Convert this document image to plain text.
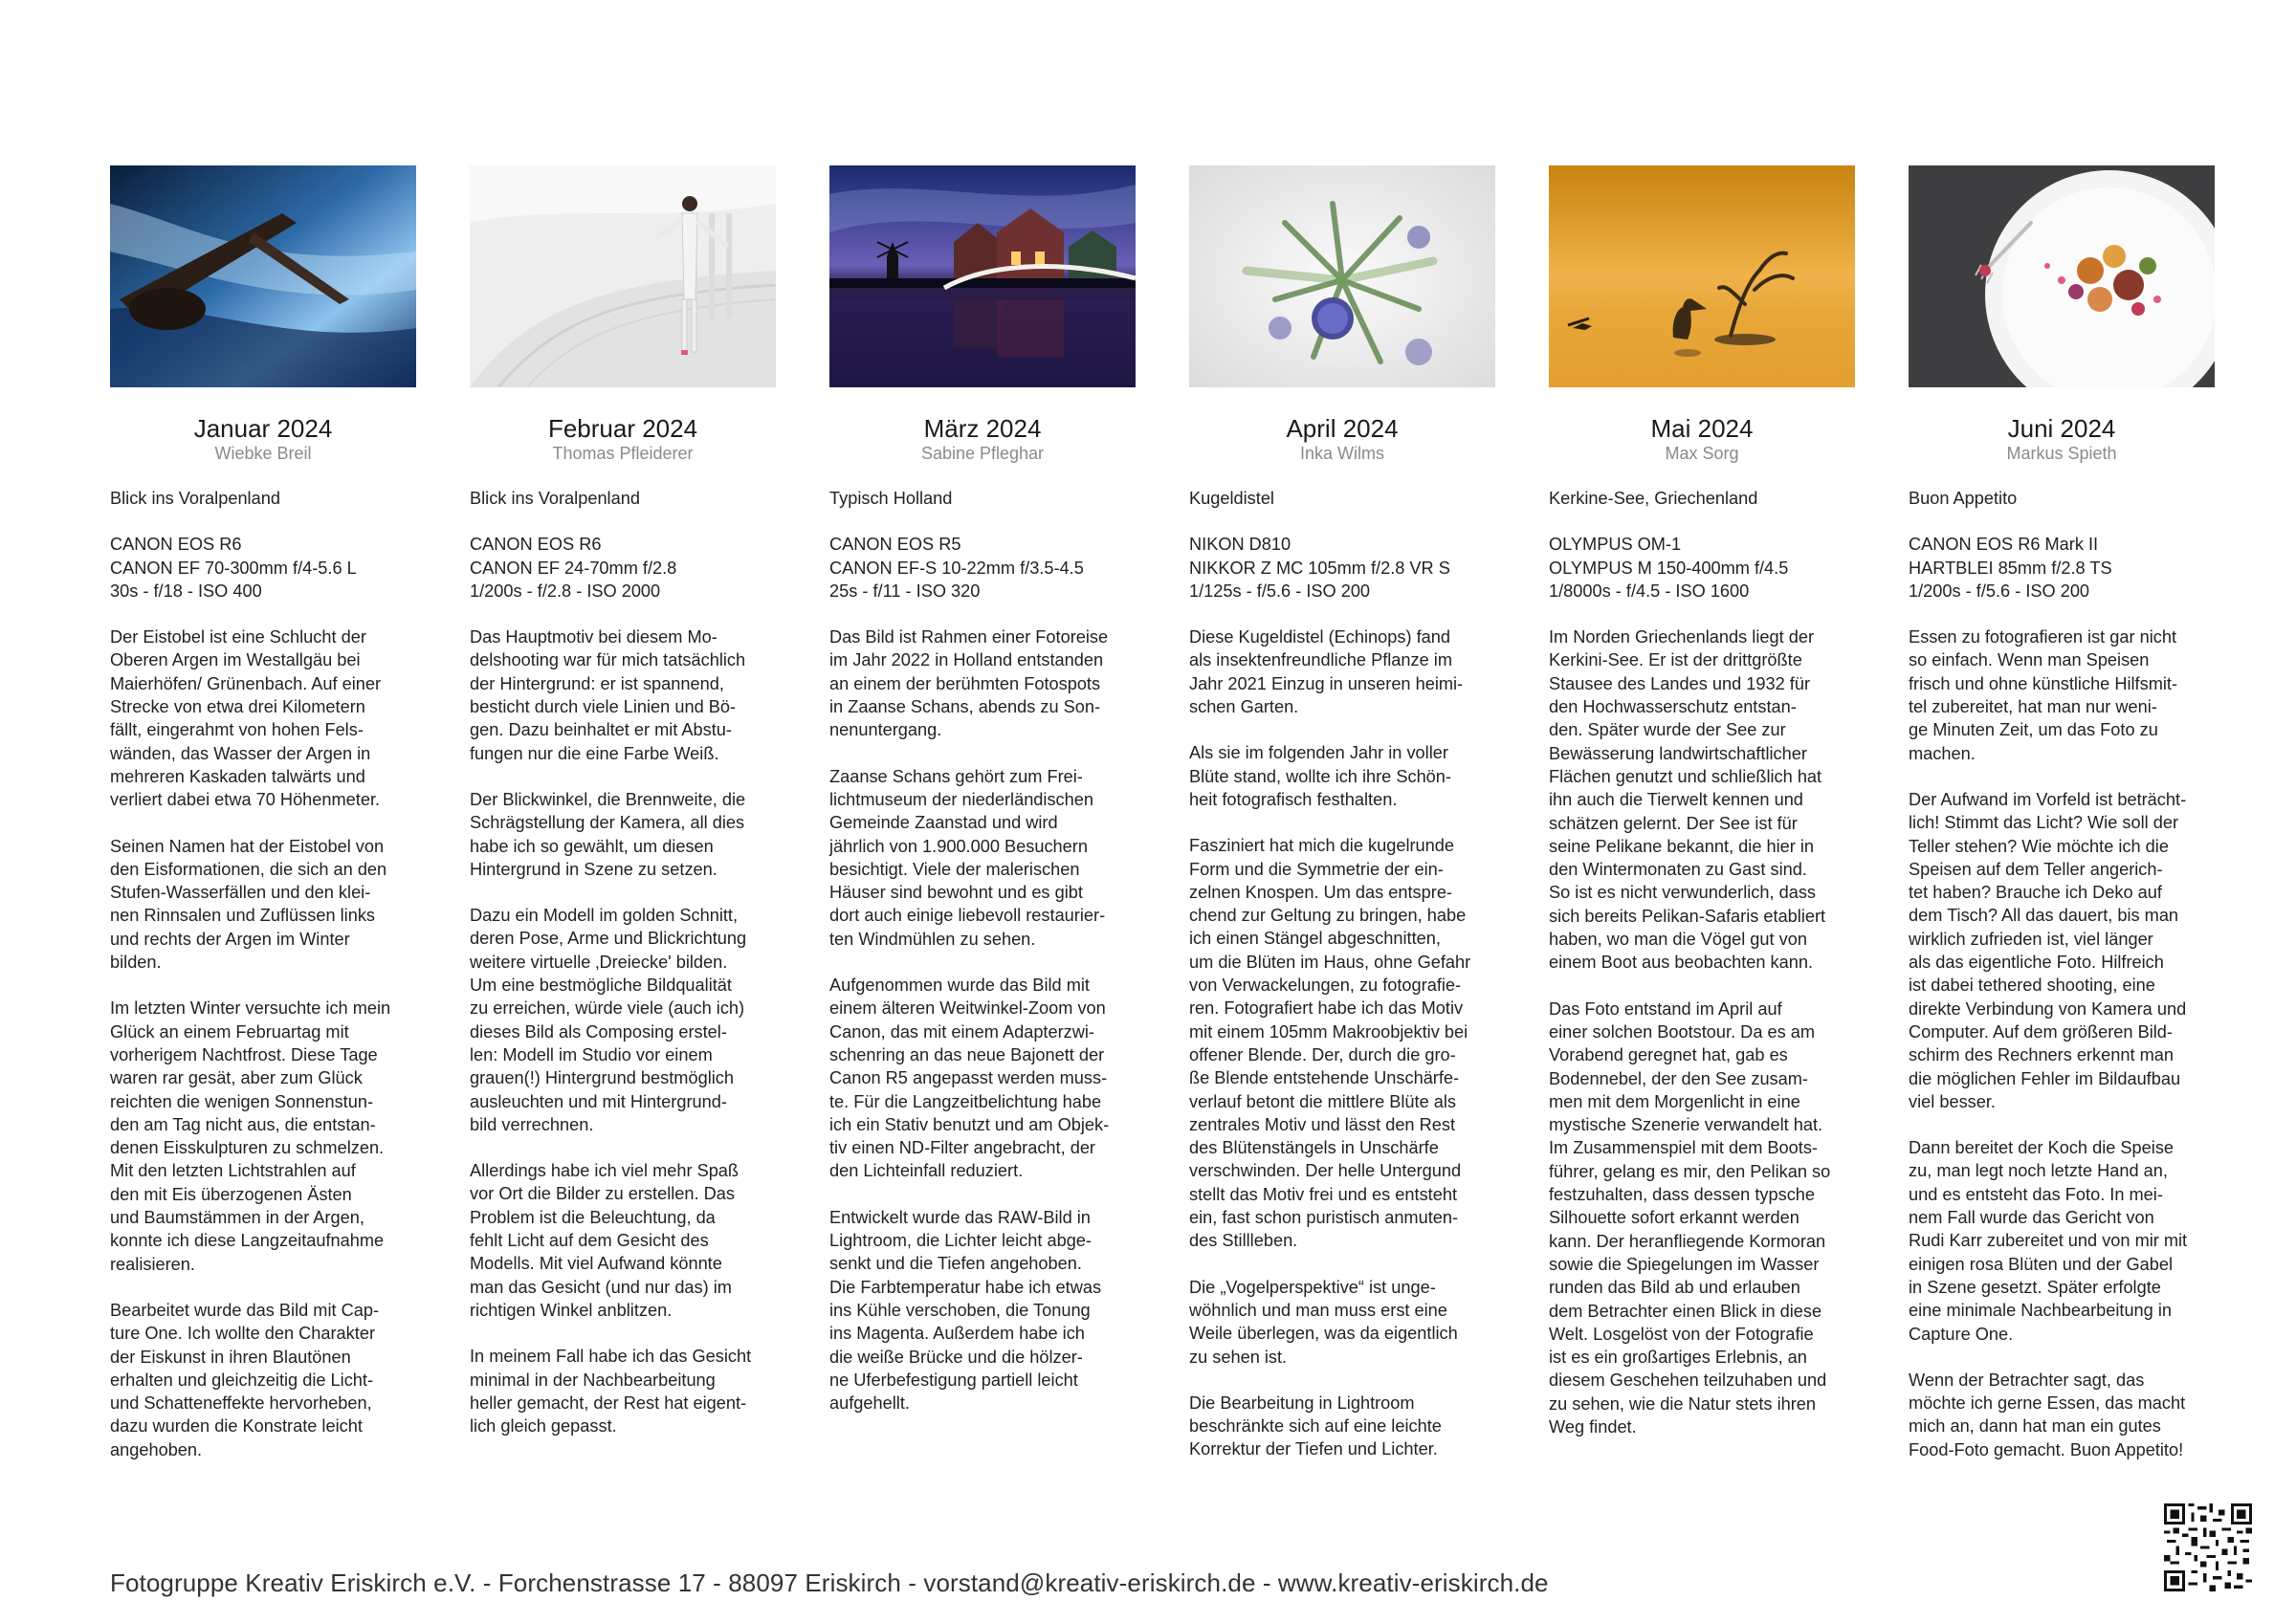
Januar 2024
Wiebke Breil
Blick ins Voralpenland
CANON EOS R6
CANON EF 70-300mm f/4-5.6 L
30s - f/18 - ISO 400

Der Eistobel ist eine Schlucht der
Oberen Argen im Westallgäu bei
Maierhöfen/ Grünenbach. Auf einer
Strecke von etwa drei Kilometern
fällt, eingerahmt von hohen Fels-
wänden, das Wasser der Argen in
mehreren Kaskaden talwärts und
verliert dabei etwa 70 Höhenmeter.

Seinen Namen hat der Eistobel von
den Eisformationen, die sich an den
Stufen-Wasserfällen und den klei-
nen Rinnsalen und Zuflüssen links
und rechts der Argen im Winter
bilden.

Im letzten Winter versuchte ich mein
Glück an einem Februartag mit
vorherigem Nachtfrost. Diese Tage
waren rar gesät, aber zum Glück
reichten die wenigen Sonnenstun-
den am Tag nicht aus, die entstan-
denen Eisskulpturen zu schmelzen.
Mit den letzten Lichtstrahlen auf
den mit Eis überzogenen Ästen
und Baumstämmen in der Argen,
konnte ich diese Langzeitaufnahme
realisieren.

Bearbeitet wurde das Bild mit Cap-
ture One. Ich wollte den Charakter
der Eiskunst in ihren Blautönen
erhalten und gleichzeitig die Licht-
und Schatteneffekte hervorheben,
dazu wurden die Konstrate leicht
angehoben.

Februar 2024
Thomas Pfleiderer
Blick ins Voralpenland
CANON EOS R6
CANON EF 24-70mm f/2.8
1/200s - f/2.8 - ISO 2000

Das Hauptmotiv bei diesem Mo-
delshooting war für mich tatsächlich
der Hintergrund: er ist spannend,
besticht durch viele Linien und Bö-
gen. Dazu beinhaltet er mit Abstu-
fungen nur die eine Farbe Weiß.

Der Blickwinkel, die Brennweite, die
Schrägstellung der Kamera, all dies
habe ich so gewählt, um diesen
Hintergrund in Szene zu setzen.

Dazu ein Modell im golden Schnitt,
deren Pose, Arme und Blickrichtung
weitere virtuelle ‚Dreiecke' bilden.
Um eine bestmögliche Bildqualität
zu erreichen, würde viele (auch ich)
dieses Bild als Composing erstel-
len: Modell im Studio vor einem
grauen(!) Hintergrund bestmöglich
ausleuchten und mit Hintergrund-
bild verrechnen.

Allerdings habe ich viel mehr Spaß
vor Ort die Bilder zu erstellen. Das
Problem ist die Beleuchtung, da
fehlt Licht auf dem Gesicht des
Modells. Mit viel Aufwand könnte
man das Gesicht (und nur das) im
richtigen Winkel anblitzen.

In meinem Fall habe ich das Gesicht
minimal in der Nachbearbeitung
heller gemacht, der Rest hat eigent-
lich gleich gepasst.

März 2024
Sabine Pfleghar
Typisch Holland
CANON EOS R5
CANON EF-S 10-22mm f/3.5-4.5
25s - f/11 - ISO 320

Das Bild ist Rahmen einer Fotoreise
im Jahr 2022 in Holland entstanden
an einem der berühmten Fotospots
in Zaanse Schans, abends zu Son-
nenuntergang.

Zaanse Schans gehört zum Frei-
lichtmuseum der niederländischen
Gemeinde Zaanstad und wird
jährlich von 1.900.000 Besuchern
besichtigt. Viele der malerischen
Häuser sind bewohnt und es gibt
dort auch einige liebevoll restaurier-
ten Windmühlen zu sehen.

Aufgenommen wurde das Bild mit
einem älteren Weitwinkel-Zoom von
Canon, das mit einem Adapterzwi-
schenring an das neue Bajonett der
Canon R5 angepasst werden muss-
te. Für die Langzeitbelichtung habe
ich ein Stativ benutzt und am Objek-
tiv einen ND-Filter angebracht, der
den Lichteinfall reduziert.

Entwickelt wurde das RAW-Bild in
Lightroom, die Lichter leicht abge-
senkt und die Tiefen angehoben.
Die Farbtemperatur habe ich etwas
ins Kühle verschoben, die Tonung
ins Magenta. Außerdem habe ich
die weiße Brücke und die hölzer-
ne Uferbefestigung partiell leicht
aufgehellt.

April 2024
Inka Wilms
Kugeldistel
NIKON D810
NIKKOR Z MC 105mm f/2.8 VR S
1/125s - f/5.6 - ISO 200

Diese Kugeldistel (Echinops) fand
als insektenfreundliche Pflanze im
Jahr 2021 Einzug in unseren heimi-
schen Garten.

Als sie im folgenden Jahr in voller
Blüte stand, wollte ich ihre Schön-
heit fotografisch festhalten.

Fasziniert hat mich die kugelrunde
Form und die Symmetrie der ein-
zelnen Knospen. Um das entspre-
chend zur Geltung zu bringen, habe
ich einen Stängel abgeschnitten,
um die Blüten im Haus, ohne Gefahr
von Verwackelungen, zu fotografie-
ren. Fotografiert habe ich das Motiv
mit einem 105mm Makroobjektiv bei
offener Blende. Der, durch die gro-
ße Blende entstehende Unschärfe-
verlauf betont die mittlere Blüte als
zentrales Motiv und lässt den Rest
des Blütenstängels in Unschärfe
verschwinden. Der helle Untergund
stellt das Motiv frei und es entsteht
ein, fast schon puristisch anmuten-
des Stillleben.

Die „Vogelperspektive“ ist unge-
wöhnlich und man muss erst eine
Weile überlegen, was da eigentlich
zu sehen ist.

Die Bearbeitung in Lightroom
beschränkte sich auf eine leichte
Korrektur der Tiefen und Lichter.

Mai 2024
Max Sorg
Kerkine-See, Griechenland
OLYMPUS OM-1
OLYMPUS M 150-400mm f/4.5
1/8000s - f/4.5 - ISO 1600

Im Norden Griechenlands liegt der
Kerkini-See. Er ist der drittgrößte
Stausee des Landes und 1932 für
den Hochwasserschutz entstan-
den. Später wurde der See zur
Bewässerung landwirtschaftlicher
Flächen genutzt und schließlich hat
ihn auch die Tierwelt kennen und
schätzen gelernt. Der See ist für
seine Pelikane bekannt, die hier in
den Wintermonaten zu Gast sind.
So ist es nicht verwunderlich, dass
sich bereits Pelikan-Safaris etabliert
haben, wo man die Vögel gut von
einem Boot aus beobachten kann.

Das Foto entstand im April auf
einer solchen Bootstour. Da es am
Vorabend geregnet hat, gab es
Bodennebel, der den See zusam-
men mit dem Morgenlicht in eine
mystische Szenerie verwandelt hat.
Im Zusammenspiel mit dem Boots-
führer, gelang es mir, den Pelikan so
festzuhalten, dass dessen typsche
Silhouette sofort erkannt werden
kann. Der heranfliegende Kormoran
sowie die Spiegelungen im Wasser
runden das Bild ab und erlauben
dem Betrachter einen Blick in diese
Welt. Losgelöst von der Fotografie
ist es ein großartiges Erlebnis, an
diesem Geschehen teilzuhaben und
zu sehen, wie die Natur stets ihren
Weg findet.

Juni 2024
Markus Spieth
Buon Appetito
CANON EOS R6 Mark II
HARTBLEI 85mm f/2.8 TS
1/200s - f/5.6 - ISO 200

Essen zu fotografieren ist gar nicht
so einfach. Wenn man Speisen
frisch und ohne künstliche Hilfsmit-
tel zubereitet, hat man nur weni-
ge Minuten Zeit, um das Foto zu
machen.

Der Aufwand im Vorfeld ist beträcht-
lich! Stimmt das Licht? Wie soll der
Teller stehen? Wie möchte ich die
Speisen auf dem Teller angerich-
tet haben? Brauche ich Deko auf
dem Tisch? All das dauert, bis man
wirklich zufrieden ist, viel länger
als das eigentliche Foto. Hilfreich
ist dabei tethered shooting, eine
direkte Verbindung von Kamera und
Computer. Auf dem größeren Bild-
schirm des Rechners erkennt man
die möglichen Fehler im Bildaufbau
viel besser.

Dann bereitet der Koch die Speise
zu, man legt noch letzte Hand an,
und es entsteht das Foto. In mei-
nem Fall wurde das Gericht von
Rudi Karr zubereitet und von mir mit
einigen rosa Blüten und der Gabel
in Szene gesetzt. Später erfolgte
eine minimale Nachbearbeitung in
Capture One.

Wenn der Betrachter sagt, das
möchte ich gerne Essen, das macht
mich an, dann hat man ein gutes
Food-Foto gemacht. Buon Appetito!

Fotogruppe Kreativ Eriskirch e.V. - Forchenstrasse 17 - 88097 Eriskirch - vorstand@kreativ-eriskirch.de - www.kreativ-eriskirch.de
